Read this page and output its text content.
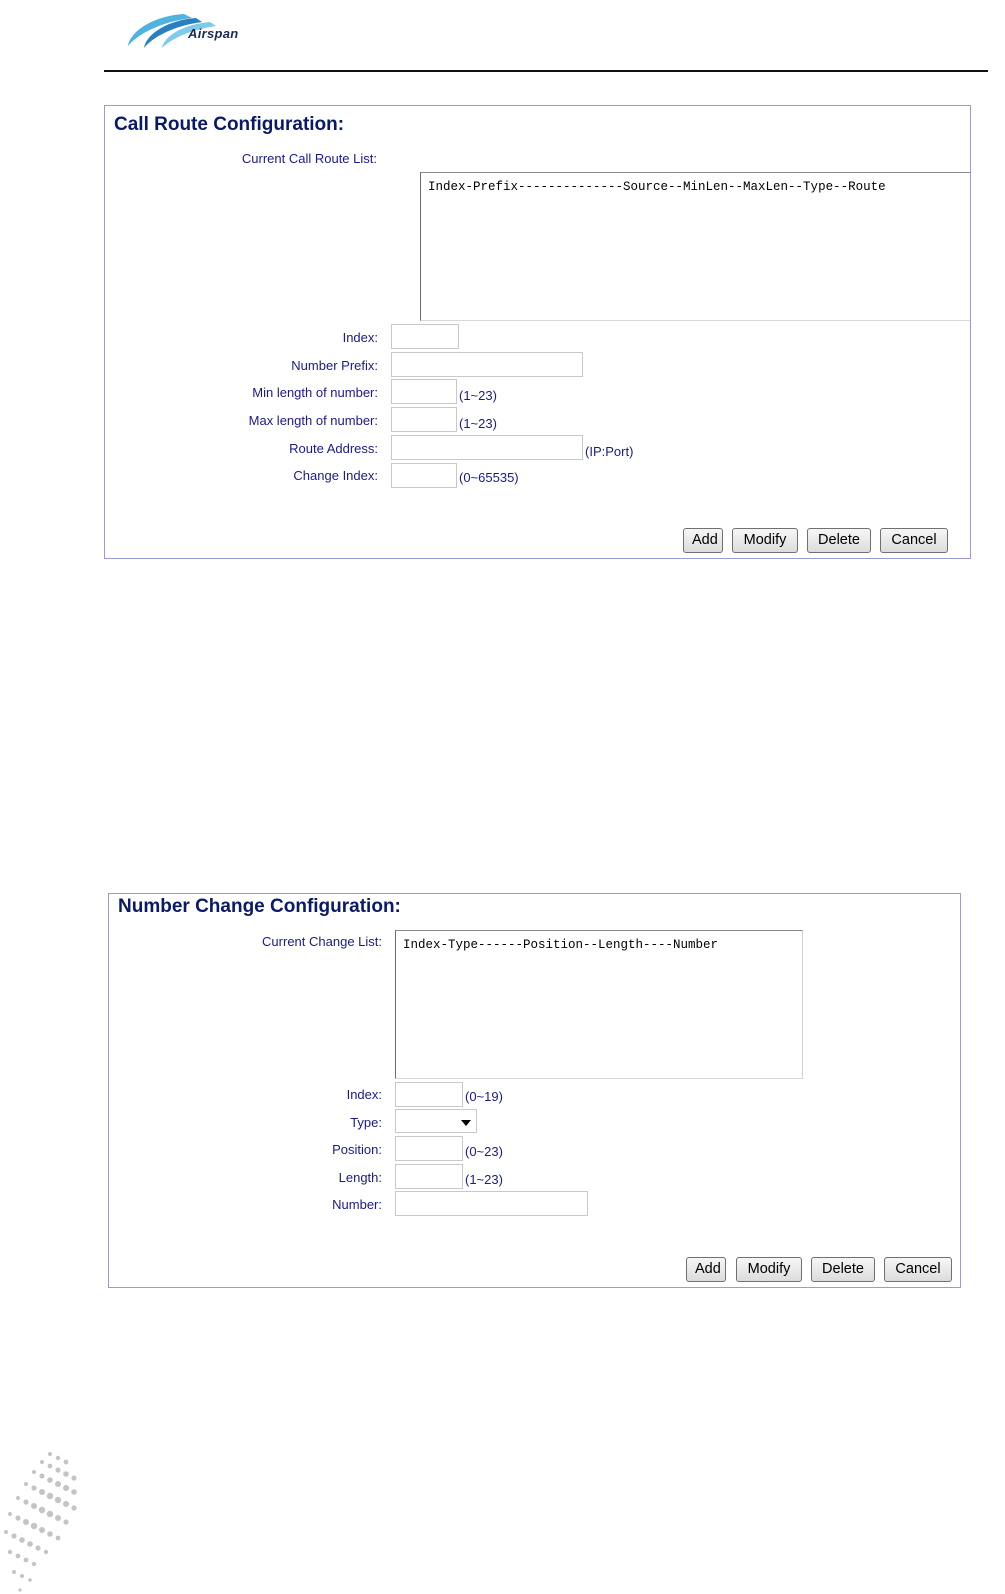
Airspan
Call Route Configuration:
Current Call Route List:
Index-Prefix--------------Source--MinLen--MaxLen--Type--Route
Index:
Number Prefix:
Min length of number:	(1~23)
Max length of number:	(1~23)
Route Address:	(IP:Port)
Change Index:	(0~65535)
Add	Modify	Delete	Cancel
Number Change Configuration:
Current Change List:	Index-Type------Position--Length----Number
Index:	(0~19)
Type:
Position:	(0~23)
Length:	(1~23)
Number:
Add	Modify	Delete	Cancel
